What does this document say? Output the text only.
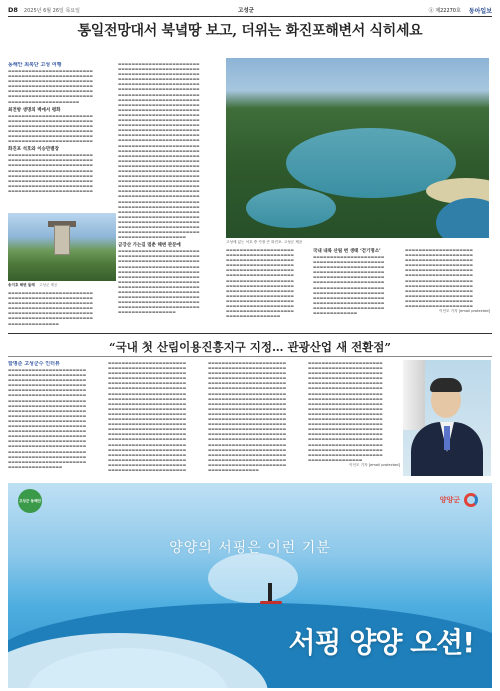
D8 2025년 6월 26일 목요일	고성군	Ⓐ 제22270호 동아일보
통일전망대서 북녘땅 보고, 더위는 화진포해변서 식히세요
동해안 최북단 고성 여행
▬▬▬▬▬▬▬▬▬▬▬▬▬▬▬▬▬▬▬▬▬▬▬▬▬
▬▬▬▬▬▬▬▬▬▬▬▬▬▬▬▬▬▬▬▬▬▬▬▬▬
▬▬▬▬▬▬▬▬▬▬▬▬▬▬▬▬▬▬▬▬▬▬▬▬▬
▬▬▬▬▬▬▬▬▬▬▬▬▬▬▬▬▬▬▬▬▬▬▬▬▬
▬▬▬▬▬▬▬▬▬▬▬▬▬▬▬▬▬▬▬▬▬▬▬▬▬
▬▬▬▬▬▬▬▬▬▬▬▬▬▬▬▬▬▬▬▬▬▬▬▬▬
▬▬▬▬▬▬▬▬▬▬▬▬▬▬▬▬▬▬▬▬▬
최전방 생명의 벽에서 평화
▬▬▬▬▬▬▬▬▬▬▬▬▬▬▬▬▬▬▬▬▬▬▬▬▬
▬▬▬▬▬▬▬▬▬▬▬▬▬▬▬▬▬▬▬▬▬▬▬▬▬
▬▬▬▬▬▬▬▬▬▬▬▬▬▬▬▬▬▬▬▬▬▬▬▬▬
▬▬▬▬▬▬▬▬▬▬▬▬▬▬▬▬▬▬▬▬▬▬▬▬▬
▬▬▬▬▬▬▬▬▬▬▬▬▬▬▬▬▬▬▬▬▬▬▬▬▬
▬▬▬▬▬▬▬▬▬▬▬▬▬▬▬▬▬▬▬▬▬▬▬▬▬
화진포 석호와 이승만별장
▬▬▬▬▬▬▬▬▬▬▬▬▬▬▬▬▬▬▬▬▬▬▬▬▬
▬▬▬▬▬▬▬▬▬▬▬▬▬▬▬▬▬▬▬▬▬▬▬▬▬
▬▬▬▬▬▬▬▬▬▬▬▬▬▬▬▬▬▬▬▬▬▬▬▬▬
▬▬▬▬▬▬▬▬▬▬▬▬▬▬▬▬▬▬▬▬▬▬▬▬▬
▬▬▬▬▬▬▬▬▬▬▬▬▬▬▬▬▬▬▬▬▬▬▬▬▬
▬▬▬▬▬▬▬▬▬▬▬▬▬▬▬▬▬▬▬▬▬▬▬▬▬
▬▬▬▬▬▬▬▬▬▬▬▬▬▬▬▬▬▬▬▬▬▬▬▬▬
▬▬▬▬▬▬▬▬▬▬▬▬▬▬▬▬▬▬▬▬▬▬▬▬▬
송지호 해변 둘레 고성군 제공
▬▬▬▬▬▬▬▬▬▬▬▬▬▬▬▬▬▬▬▬▬▬▬▬▬
▬▬▬▬▬▬▬▬▬▬▬▬▬▬▬▬▬▬▬▬▬▬▬▬▬
▬▬▬▬▬▬▬▬▬▬▬▬▬▬▬▬▬▬▬▬▬▬▬▬▬
▬▬▬▬▬▬▬▬▬▬▬▬▬▬▬▬▬▬▬▬▬▬▬▬▬
▬▬▬▬▬▬▬▬▬▬▬▬▬▬▬▬▬▬▬▬▬▬▬▬▬
▬▬▬▬▬▬▬▬▬▬▬▬▬▬▬▬▬▬▬▬▬▬▬▬▬
▬▬▬▬▬▬▬▬▬▬▬▬▬▬▬
▬▬▬▬▬▬▬▬▬▬▬▬▬▬▬▬▬▬▬▬▬▬▬▬
▬▬▬▬▬▬▬▬▬▬▬▬▬▬▬▬▬▬▬▬▬▬▬▬
▬▬▬▬▬▬▬▬▬▬▬▬▬▬▬▬▬▬▬▬▬▬▬▬
▬▬▬▬▬▬▬▬▬▬▬▬▬▬▬▬▬▬▬▬▬▬▬▬
▬▬▬▬▬▬▬▬▬▬▬▬▬▬▬▬▬▬▬▬▬▬▬▬
▬▬▬▬▬▬▬▬▬▬▬▬▬▬▬▬▬▬▬▬▬▬▬▬
▬▬▬▬▬▬▬▬▬▬▬▬▬▬▬▬▬▬▬▬▬▬▬▬
▬▬▬▬▬▬▬▬▬▬▬▬▬▬▬▬▬▬▬▬▬▬▬▬
▬▬▬▬▬▬▬▬▬▬▬▬▬▬▬▬▬▬▬▬▬▬▬▬
▬▬▬▬▬▬▬▬▬▬▬▬▬▬▬▬▬▬▬▬▬▬▬▬
▬▬▬▬▬▬▬▬▬▬▬▬▬▬▬▬▬▬▬▬▬▬▬▬
▬▬▬▬▬▬▬▬▬▬▬▬▬▬▬▬▬▬▬▬▬▬▬▬
▬▬▬▬▬▬▬▬▬▬▬▬▬▬▬▬▬▬▬▬▬▬▬▬
▬▬▬▬▬▬▬▬▬▬▬▬▬▬▬▬▬▬▬▬▬▬▬▬
▬▬▬▬▬▬▬▬▬▬▬▬▬▬▬▬▬▬▬▬▬▬▬▬
▬▬▬▬▬▬▬▬▬▬▬▬▬▬▬▬▬▬▬▬▬▬▬▬
▬▬▬▬▬▬▬▬▬▬▬▬▬▬▬▬▬▬▬▬▬▬▬▬
▬▬▬▬▬▬▬▬▬▬▬▬▬▬▬▬▬▬▬▬▬▬▬▬
▬▬▬▬▬▬▬▬▬▬▬▬▬▬▬▬▬▬▬▬▬▬▬▬
▬▬▬▬▬▬▬▬▬▬▬▬▬▬▬▬▬▬▬▬▬▬▬▬
▬▬▬▬▬▬▬▬▬▬▬▬▬▬▬▬▬▬▬▬▬▬▬▬
▬▬▬▬▬▬▬▬▬▬▬▬▬▬▬▬▬▬▬▬▬▬▬▬
▬▬▬▬▬▬▬▬▬▬▬▬▬▬▬▬▬▬▬▬▬▬▬▬
▬▬▬▬▬▬▬▬▬▬▬▬▬▬▬▬▬▬▬▬▬▬▬▬
▬▬▬▬▬▬▬▬▬▬▬▬▬▬▬▬▬▬▬▬▬▬▬▬
▬▬▬▬▬▬▬▬▬▬▬▬▬▬▬▬▬▬▬▬▬▬▬▬
▬▬▬▬▬▬▬▬▬▬▬▬▬▬▬▬▬▬▬▬▬▬▬▬
▬▬▬▬▬▬▬▬▬▬▬▬▬▬▬▬▬▬▬▬▬▬▬▬
▬▬▬▬▬▬▬▬▬▬▬▬▬▬▬▬▬▬▬▬▬▬▬▬
▬▬▬▬▬▬▬▬▬▬▬▬▬▬▬▬▬▬▬▬▬▬▬▬
▬▬▬▬▬▬▬▬▬▬▬▬▬▬▬▬▬▬▬▬▬▬▬▬
▬▬▬▬▬▬▬▬▬▬▬▬▬▬▬▬▬▬▬▬▬▬▬▬
▬▬▬▬▬▬▬▬▬▬▬▬▬▬▬▬▬▬▬▬▬▬▬▬
▬▬▬▬▬▬▬▬▬▬▬▬▬▬▬▬▬▬▬▬▬▬▬▬
▬▬▬▬▬▬▬▬▬▬▬▬▬▬▬▬▬▬▬▬
금강산 가는길 멈춘 해변 관문에
▬▬▬▬▬▬▬▬▬▬▬▬▬▬▬▬▬▬▬▬▬▬▬▬
▬▬▬▬▬▬▬▬▬▬▬▬▬▬▬▬▬▬▬▬▬▬▬▬
▬▬▬▬▬▬▬▬▬▬▬▬▬▬▬▬▬▬▬▬▬▬▬▬
▬▬▬▬▬▬▬▬▬▬▬▬▬▬▬▬▬▬▬▬▬▬▬▬
▬▬▬▬▬▬▬▬▬▬▬▬▬▬▬▬▬▬▬▬▬▬▬▬
▬▬▬▬▬▬▬▬▬▬▬▬▬▬▬▬▬▬▬▬▬▬▬▬
▬▬▬▬▬▬▬▬▬▬▬▬▬▬▬▬▬▬▬▬▬▬▬▬
▬▬▬▬▬▬▬▬▬▬▬▬▬▬▬▬▬▬▬▬▬▬▬▬
▬▬▬▬▬▬▬▬▬▬▬▬▬▬▬▬▬▬▬▬▬▬▬▬
▬▬▬▬▬▬▬▬▬▬▬▬▬▬▬▬▬▬▬▬▬▬▬▬
▬▬▬▬▬▬▬▬▬▬▬▬▬▬▬▬▬▬▬▬▬▬▬▬
▬▬▬▬▬▬▬▬▬▬▬▬▬▬▬▬▬▬▬▬▬▬▬▬
▬▬▬▬▬▬▬▬▬▬▬▬▬▬▬▬▬
고성에 있는 석호 중 가장 큰 화진포. 고성군 제공
▬▬▬▬▬▬▬▬▬▬▬▬▬▬▬▬▬▬▬▬
▬▬▬▬▬▬▬▬▬▬▬▬▬▬▬▬▬▬▬▬
▬▬▬▬▬▬▬▬▬▬▬▬▬▬▬▬▬▬▬▬
▬▬▬▬▬▬▬▬▬▬▬▬▬▬▬▬▬▬▬▬
▬▬▬▬▬▬▬▬▬▬▬▬▬▬▬▬▬▬▬▬
▬▬▬▬▬▬▬▬▬▬▬▬▬▬▬▬▬▬▬▬
▬▬▬▬▬▬▬▬▬▬▬▬▬▬▬▬▬▬▬▬
▬▬▬▬▬▬▬▬▬▬▬▬▬▬▬▬▬▬▬▬
▬▬▬▬▬▬▬▬▬▬▬▬▬▬▬▬▬▬▬▬
▬▬▬▬▬▬▬▬▬▬▬▬▬▬▬▬▬▬▬▬
▬▬▬▬▬▬▬▬▬▬▬▬▬▬▬▬▬▬▬▬
▬▬▬▬▬▬▬▬▬▬▬▬▬▬▬▬▬▬▬▬
▬▬▬▬▬▬▬▬▬▬▬▬▬▬▬▬▬▬▬▬
▬▬▬▬▬▬▬▬▬▬▬▬▬▬▬▬
국내 내륙 산림 변 생태 ‘걷기명소’
▬▬▬▬▬▬▬▬▬▬▬▬▬▬▬▬▬▬▬▬▬
▬▬▬▬▬▬▬▬▬▬▬▬▬▬▬▬▬▬▬▬▬
▬▬▬▬▬▬▬▬▬▬▬▬▬▬▬▬▬▬▬▬▬
▬▬▬▬▬▬▬▬▬▬▬▬▬▬▬▬▬▬▬▬▬
▬▬▬▬▬▬▬▬▬▬▬▬▬▬▬▬▬▬▬▬▬
▬▬▬▬▬▬▬▬▬▬▬▬▬▬▬▬▬▬▬▬▬
▬▬▬▬▬▬▬▬▬▬▬▬▬▬▬▬▬▬▬▬▬
▬▬▬▬▬▬▬▬▬▬▬▬▬▬▬▬▬▬▬▬▬
▬▬▬▬▬▬▬▬▬▬▬▬▬▬▬▬▬▬▬▬▬
▬▬▬▬▬▬▬▬▬▬▬▬▬▬▬▬▬▬▬▬▬
▬▬▬▬▬▬▬▬▬▬▬▬▬▬▬▬▬▬▬▬▬
▬▬▬▬▬▬▬▬▬▬▬▬▬
▬▬▬▬▬▬▬▬▬▬▬▬▬▬▬▬▬▬▬▬
▬▬▬▬▬▬▬▬▬▬▬▬▬▬▬▬▬▬▬▬
▬▬▬▬▬▬▬▬▬▬▬▬▬▬▬▬▬▬▬▬
▬▬▬▬▬▬▬▬▬▬▬▬▬▬▬▬▬▬▬▬
▬▬▬▬▬▬▬▬▬▬▬▬▬▬▬▬▬▬▬▬
▬▬▬▬▬▬▬▬▬▬▬▬▬▬▬▬▬▬▬▬
▬▬▬▬▬▬▬▬▬▬▬▬▬▬▬▬▬▬▬▬
▬▬▬▬▬▬▬▬▬▬▬▬▬▬▬▬▬▬▬▬
▬▬▬▬▬▬▬▬▬▬▬▬▬▬▬▬▬▬▬▬
▬▬▬▬▬▬▬▬▬▬▬▬▬▬▬▬▬▬▬▬
▬▬▬▬▬▬▬▬▬▬▬▬▬▬▬▬▬▬▬▬
▬▬▬▬▬▬▬▬▬▬▬▬▬▬▬▬▬▬▬▬
이인모 기자 [email protected]
“국내 첫 산림이용진흥지구 지정… 관광산업 새 전환점”
함명준 고성군수 인터뷰
▬▬▬▬▬▬▬▬▬▬▬▬▬▬▬▬▬▬▬▬▬▬▬
▬▬▬▬▬▬▬▬▬▬▬▬▬▬▬▬▬▬▬▬▬▬▬
▬▬▬▬▬▬▬▬▬▬▬▬▬▬▬▬▬▬▬▬▬▬▬
▬▬▬▬▬▬▬▬▬▬▬▬▬▬▬▬▬▬▬▬▬▬▬
▬▬▬▬▬▬▬▬▬▬▬▬▬▬▬▬▬▬▬▬▬▬▬
▬▬▬▬▬▬▬▬▬▬▬▬▬▬▬▬▬▬▬▬▬▬▬
▬▬▬▬▬▬▬▬▬▬▬▬▬▬▬▬▬▬▬▬▬▬▬
▬▬▬▬▬▬▬▬▬▬▬▬▬▬▬▬▬▬▬▬▬▬▬
▬▬▬▬▬▬▬▬▬▬▬▬▬▬▬▬▬▬▬▬▬▬▬
▬▬▬▬▬▬▬▬▬▬▬▬▬▬▬▬▬▬▬▬▬▬▬
▬▬▬▬▬▬▬▬▬▬▬▬▬▬▬▬▬▬▬▬▬▬▬
▬▬▬▬▬▬▬▬▬▬▬▬▬▬▬▬▬▬▬▬▬▬▬
▬▬▬▬▬▬▬▬▬▬▬▬▬▬▬▬▬▬▬▬▬▬▬
▬▬▬▬▬▬▬▬▬▬▬▬▬▬▬▬▬▬▬▬▬▬▬
▬▬▬▬▬▬▬▬▬▬▬▬▬▬▬▬▬▬▬▬▬▬▬
▬▬▬▬▬▬▬▬▬▬▬▬▬▬▬▬▬▬▬▬▬▬▬
▬▬▬▬▬▬▬▬▬▬▬▬▬▬▬▬▬▬▬▬▬▬▬
▬▬▬▬▬▬▬▬▬▬▬▬▬▬▬▬▬▬▬▬▬▬▬
▬▬▬▬▬▬▬▬▬▬▬▬▬▬▬▬▬▬▬▬▬▬▬
▬▬▬▬▬▬▬▬▬▬▬▬▬▬▬▬
▬▬▬▬▬▬▬▬▬▬▬▬▬▬▬▬▬▬▬▬▬▬▬
▬▬▬▬▬▬▬▬▬▬▬▬▬▬▬▬▬▬▬▬▬▬▬
▬▬▬▬▬▬▬▬▬▬▬▬▬▬▬▬▬▬▬▬▬▬▬
▬▬▬▬▬▬▬▬▬▬▬▬▬▬▬▬▬▬▬▬▬▬▬
▬▬▬▬▬▬▬▬▬▬▬▬▬▬▬▬▬▬▬▬▬▬▬
▬▬▬▬▬▬▬▬▬▬▬▬▬▬▬▬▬▬▬▬▬▬▬
▬▬▬▬▬▬▬▬▬▬▬▬▬▬▬▬▬▬▬▬▬▬▬
▬▬▬▬▬▬▬▬▬▬▬▬▬▬▬▬▬▬▬▬▬▬▬
▬▬▬▬▬▬▬▬▬▬▬▬▬▬▬▬▬▬▬▬▬▬▬
▬▬▬▬▬▬▬▬▬▬▬▬▬▬▬▬▬▬▬▬▬▬▬
▬▬▬▬▬▬▬▬▬▬▬▬▬▬▬▬▬▬▬▬▬▬▬
▬▬▬▬▬▬▬▬▬▬▬▬▬▬▬▬▬▬▬▬▬▬▬
▬▬▬▬▬▬▬▬▬▬▬▬▬▬▬▬▬▬▬▬▬▬▬
▬▬▬▬▬▬▬▬▬▬▬▬▬▬▬▬▬▬▬▬▬▬▬
▬▬▬▬▬▬▬▬▬▬▬▬▬▬▬▬▬▬▬▬▬▬▬
▬▬▬▬▬▬▬▬▬▬▬▬▬▬▬▬▬▬▬▬▬▬▬
▬▬▬▬▬▬▬▬▬▬▬▬▬▬▬▬▬▬▬▬▬▬▬
▬▬▬▬▬▬▬▬▬▬▬▬▬▬▬▬▬▬▬▬▬▬▬
▬▬▬▬▬▬▬▬▬▬▬▬▬▬▬▬▬▬▬▬▬▬▬
▬▬▬▬▬▬▬▬▬▬▬▬▬▬▬▬▬▬▬▬▬▬▬
▬▬▬▬▬▬▬▬▬▬▬▬▬▬▬▬▬▬▬▬▬▬▬
▬▬▬▬▬▬▬▬▬▬▬▬▬▬▬▬▬▬▬▬▬▬▬
▬▬▬▬▬▬▬▬▬▬▬▬▬▬▬▬▬▬▬▬▬▬▬
▬▬▬▬▬▬▬▬▬▬▬▬▬▬▬▬▬▬▬▬▬▬▬
▬▬▬▬▬▬▬▬▬▬▬▬▬▬▬▬▬▬▬▬▬▬▬
▬▬▬▬▬▬▬▬▬▬▬▬▬▬▬▬▬▬▬▬▬▬▬
▬▬▬▬▬▬▬▬▬▬▬▬▬▬▬▬▬▬▬▬▬▬▬
▬▬▬▬▬▬▬▬▬▬▬▬▬▬▬▬▬▬▬▬▬▬▬
▬▬▬▬▬▬▬▬▬▬▬▬▬▬▬▬▬▬▬▬▬▬▬
▬▬▬▬▬▬▬▬▬▬▬▬▬▬▬▬▬▬▬▬▬▬▬
▬▬▬▬▬▬▬▬▬▬▬▬▬▬▬▬▬▬▬▬▬▬▬
▬▬▬▬▬▬▬▬▬▬▬▬▬▬▬▬▬▬▬▬▬▬▬
▬▬▬▬▬▬▬▬▬▬▬▬▬▬▬▬▬▬▬▬▬▬▬
▬▬▬▬▬▬▬▬▬▬▬▬▬▬▬▬▬▬▬▬▬▬▬
▬▬▬▬▬▬▬▬▬▬▬▬▬▬▬▬▬▬▬▬▬▬▬
▬▬▬▬▬▬▬▬▬▬▬▬▬▬▬▬▬▬▬▬▬▬▬
▬▬▬▬▬▬▬▬▬▬▬▬▬▬▬▬▬▬▬▬▬▬▬
▬▬▬▬▬▬▬▬▬▬▬▬▬▬▬▬▬▬▬▬▬▬▬
▬▬▬▬▬▬▬▬▬▬▬▬▬▬▬▬▬▬▬▬▬▬▬
▬▬▬▬▬▬▬▬▬▬▬▬▬▬▬▬▬▬▬▬▬▬▬
▬▬▬▬▬▬▬▬▬▬▬▬▬▬▬▬▬▬▬▬▬▬▬
▬▬▬▬▬▬▬▬▬▬▬▬▬▬▬▬▬▬▬▬▬▬▬
▬▬▬▬▬▬▬▬▬▬▬▬▬▬▬▬▬▬▬▬▬▬▬
▬▬▬▬▬▬▬▬▬▬▬▬▬▬▬
▬▬▬▬▬▬▬▬▬▬▬▬▬▬▬▬▬▬▬▬▬▬
▬▬▬▬▬▬▬▬▬▬▬▬▬▬▬▬▬▬▬▬▬▬
▬▬▬▬▬▬▬▬▬▬▬▬▬▬▬▬▬▬▬▬▬▬
▬▬▬▬▬▬▬▬▬▬▬▬▬▬▬▬▬▬▬▬▬▬
▬▬▬▬▬▬▬▬▬▬▬▬▬▬▬▬▬▬▬▬▬▬
▬▬▬▬▬▬▬▬▬▬▬▬▬▬▬▬▬▬▬▬▬▬
▬▬▬▬▬▬▬▬▬▬▬▬▬▬▬▬▬▬▬▬▬▬
▬▬▬▬▬▬▬▬▬▬▬▬▬▬▬▬▬▬▬▬▬▬
▬▬▬▬▬▬▬▬▬▬▬▬▬▬▬▬▬▬▬▬▬▬
▬▬▬▬▬▬▬▬▬▬▬▬▬▬▬▬▬▬▬▬▬▬
▬▬▬▬▬▬▬▬▬▬▬▬▬▬▬▬▬▬▬▬▬▬
▬▬▬▬▬▬▬▬▬▬▬▬▬▬▬▬▬▬▬▬▬▬
▬▬▬▬▬▬▬▬▬▬▬▬▬▬▬▬▬▬▬▬▬▬
▬▬▬▬▬▬▬▬▬▬▬▬▬▬▬▬▬▬▬▬▬▬
▬▬▬▬▬▬▬▬▬▬▬▬▬▬▬▬▬▬▬▬▬▬
▬▬▬▬▬▬▬▬▬▬▬▬▬▬▬▬▬▬▬▬▬▬
▬▬▬▬▬▬▬▬▬▬▬▬▬▬▬▬▬▬▬▬▬▬
▬▬▬▬▬▬▬▬▬▬▬▬▬▬▬▬▬▬▬▬▬▬
▬▬▬▬▬▬▬▬▬▬▬▬▬▬▬▬▬▬▬▬▬▬
▬▬▬▬▬▬▬▬▬▬▬▬▬▬▬▬
이인모 기자 [email protected]
고성군 동해안	양양군
양양의 서핑은 이런 기분
서핑 양양 오션!
